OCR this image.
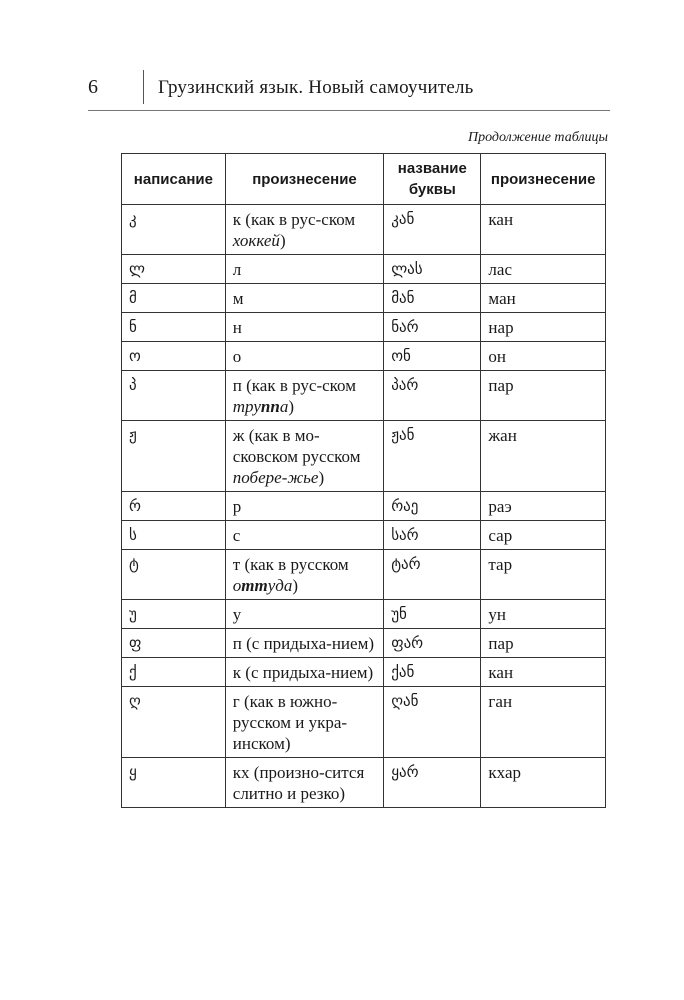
6	Грузинский язык. Новый самоучитель
Продолжение таблицы
написание	произнесение	название буквы	произнесение
კ	к (как в рус-ском хоккей)	კან	кан
ლ	л	ლას	лас
მ	м	მან	ман
ნ	н	ნარ	нар
ო	о	ონ	он
პ	п (как в рус-ском труппа)	პარ	пар
ჟ	ж (как в мо-сковском русском побере-жье)	ჟან	жан
რ	р	რაე	раэ
ს	с	სარ	сар
ტ	т (как в русском оттуда)	ტარ	тар
უ	у	უნ	ун
ფ	п (с придыха-нием)	ფარ	пар
ქ	к (с придыха-нием)	ქან	кан
ღ	г (как в южно-русском и укра-инском)	ღან	ган
ყ	кх (произно-сится слитно и резко)	ყარ	кхар
